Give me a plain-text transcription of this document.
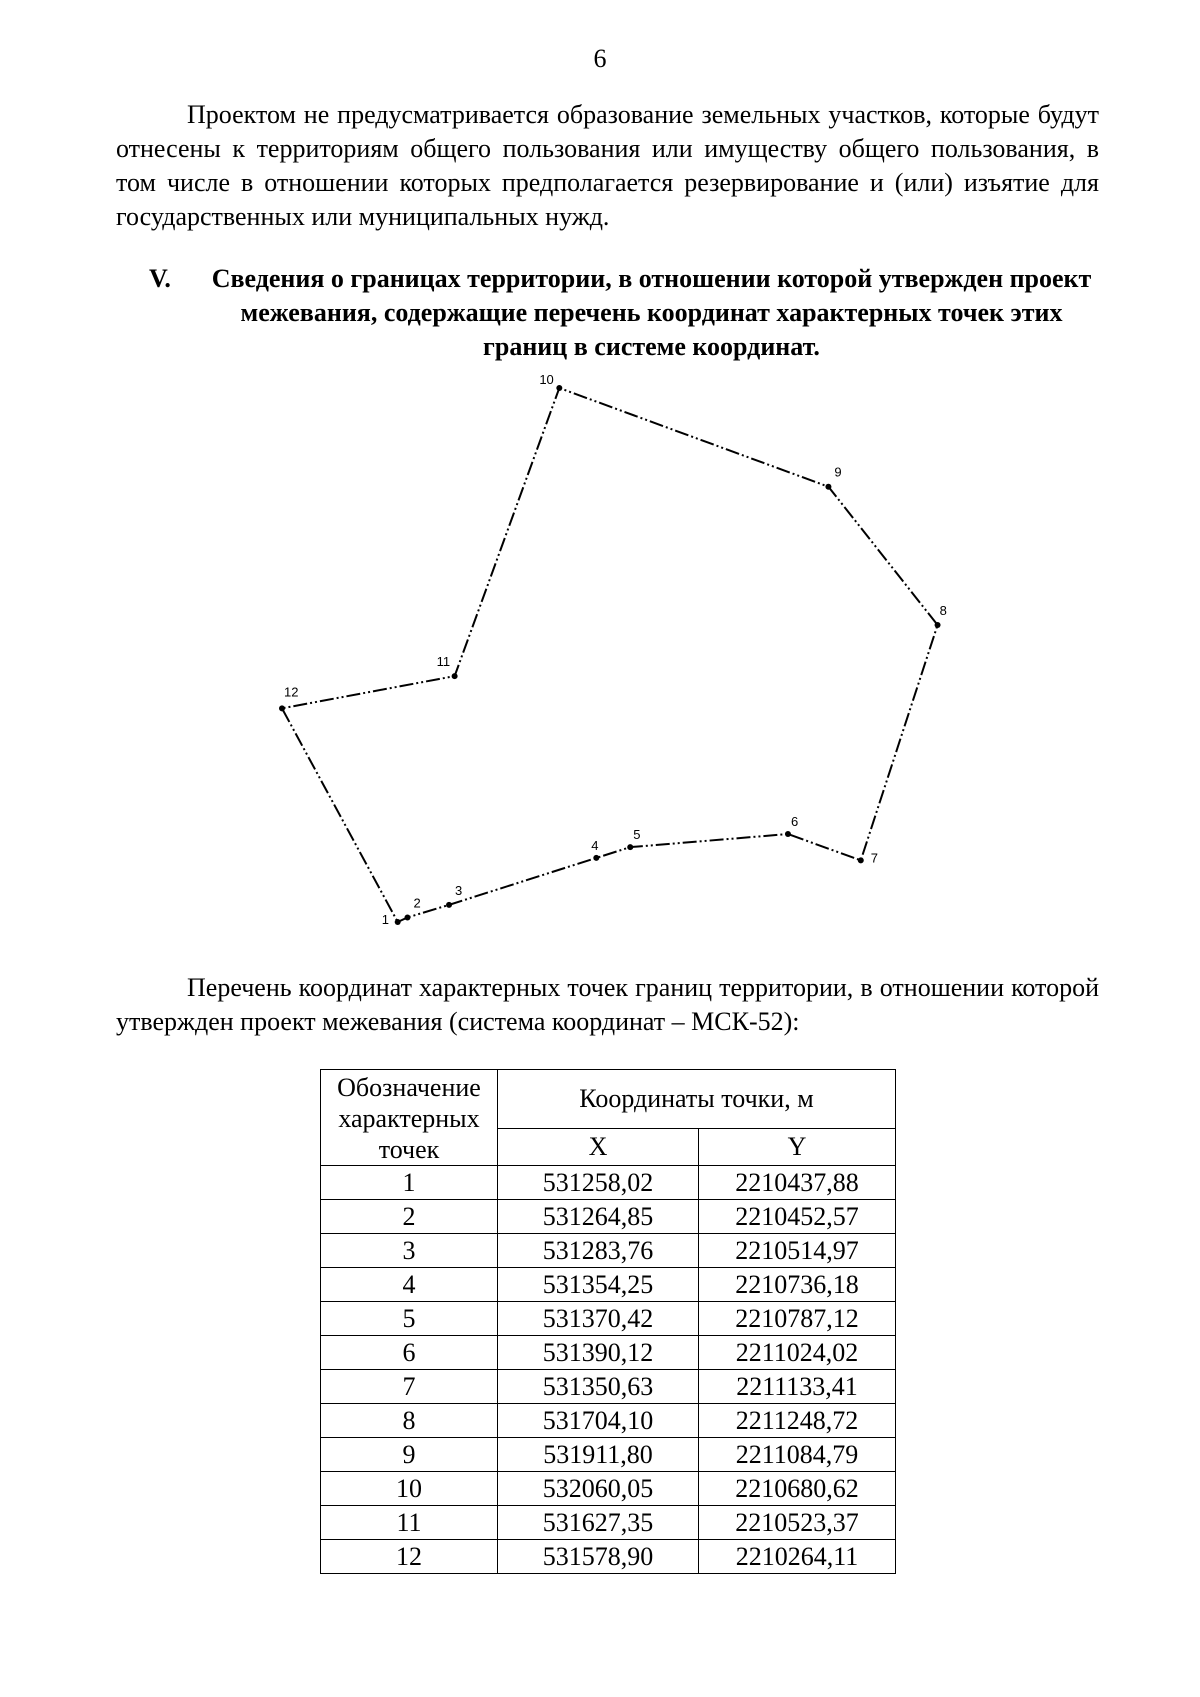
6

Проектом не предусматривается образование земельных участков, которые будут отнесены к территориям общего пользования или имуществу общего пользования, в том числе в отношении которых предполагается резервирование и (или) изъятие для государственных или муниципальных нужд.

V. Сведения о границах территории, в отношении которой утвержден проект межевания, содержащие перечень координат характерных точек этих границ в системе координат.
1
2
3
4
5
6
7
8
9
10
11
12

Перечень координат характерных точек границ территории, в отношении которой утвержден проект межевания (система координат – МСК-52):

Обозначение характерных точек	Координаты точки, м	
	X	Y
1	531258,02	2210437,88
2	531264,85	2210452,57
3	531283,76	2210514,97
4	531354,25	2210736,18
5	531370,42	2210787,12
6	531390,12	2211024,02
7	531350,63	2211133,41
8	531704,10	2211248,72
9	531911,80	2211084,79
10	532060,05	2210680,62
11	531627,35	2210523,37
12	531578,90	2210264,11
